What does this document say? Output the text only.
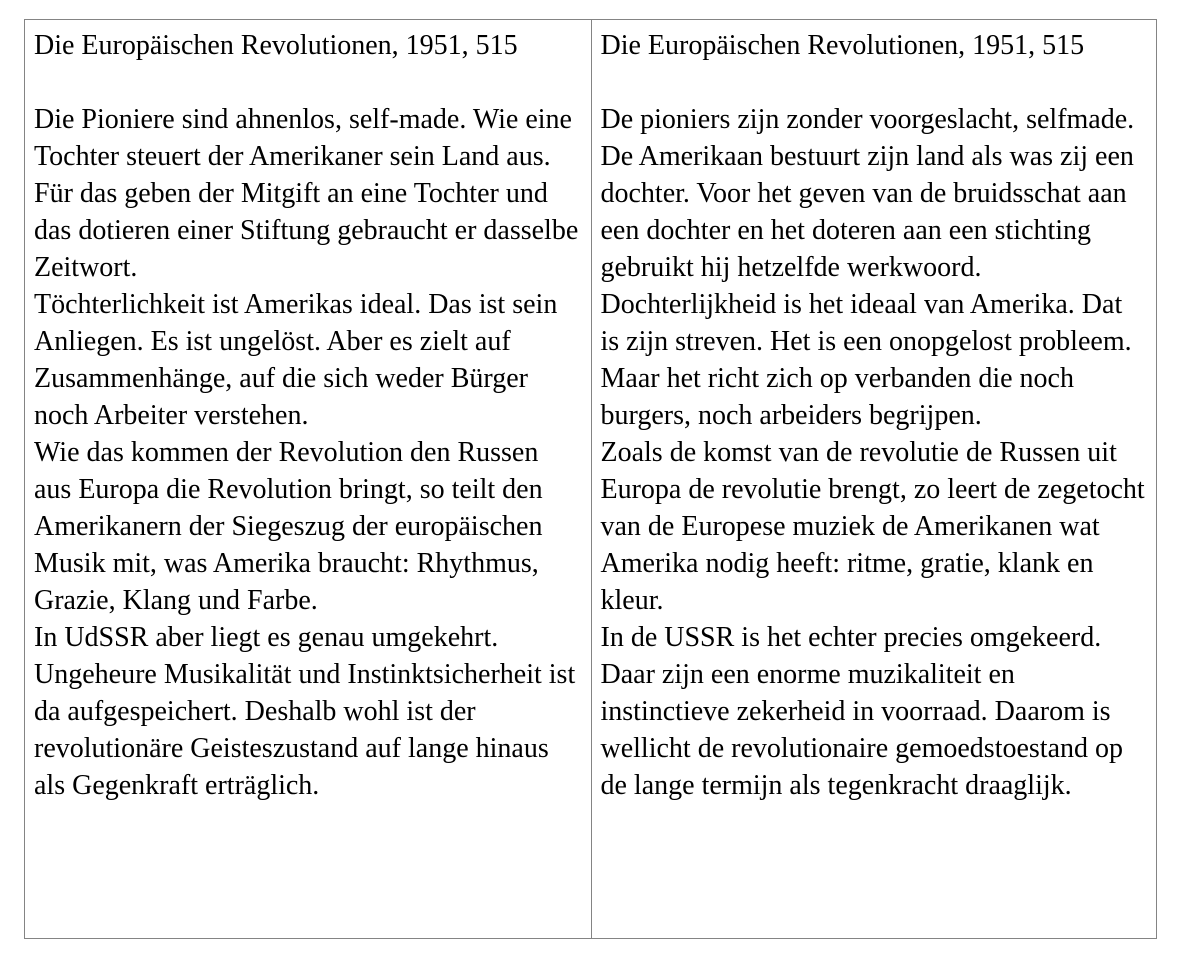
Die Europäischen Revolutionen, 1951, 515
Die Pioniere sind ahnenlos, self-made. Wie eine Tochter steuert der Amerikaner sein Land aus. Für das geben der Mitgift an eine Tochter und das dotieren einer Stiftung gebraucht er dasselbe Zeitwort.
Töchterlichkeit ist Amerikas ideal. Das ist sein Anliegen. Es ist ungelöst. Aber es zielt auf Zusammenhänge, auf die sich weder Bürger noch Arbeiter verstehen.
Wie das kommen der Revolution den Russen aus Europa die Revolution bringt, so teilt den Amerikanern der Siegeszug der europäischen Musik mit, was Amerika braucht: Rhythmus, Grazie, Klang und Farbe.
In UdSSR aber liegt es genau umgekehrt. Ungeheure Musikalität und Instinktsicherheit ist da aufgespeichert. Deshalb wohl ist der revolutionäre Geisteszustand auf lange hinaus als Gegenkraft erträglich.
Die Europäischen Revolutionen, 1951, 515
De pioniers zijn zonder voorgeslacht, selfmade. De Amerikaan bestuurt zijn land als was zij een dochter. Voor het geven van de bruidsschat aan een dochter en het doteren aan een stichting gebruikt hij hetzelfde werkwoord. Dochterlijkheid is het ideaal van Amerika. Dat is zijn streven. Het is een onopgelost probleem. Maar het richt zich op verbanden die noch burgers, noch arbeiders begrijpen.
Zoals de komst van de revolutie de Russen uit Europa de revolutie brengt, zo leert de zegetocht van de Europese muziek de Amerikanen wat Amerika nodig heeft: ritme, gratie, klank en kleur.
In de USSR is het echter precies omgekeerd. Daar zijn een enorme muzikaliteit en instinctieve zekerheid in voorraad. Daarom is wellicht de revolutionaire gemoedstoestand op de lange termijn als tegenkracht draaglijk.
